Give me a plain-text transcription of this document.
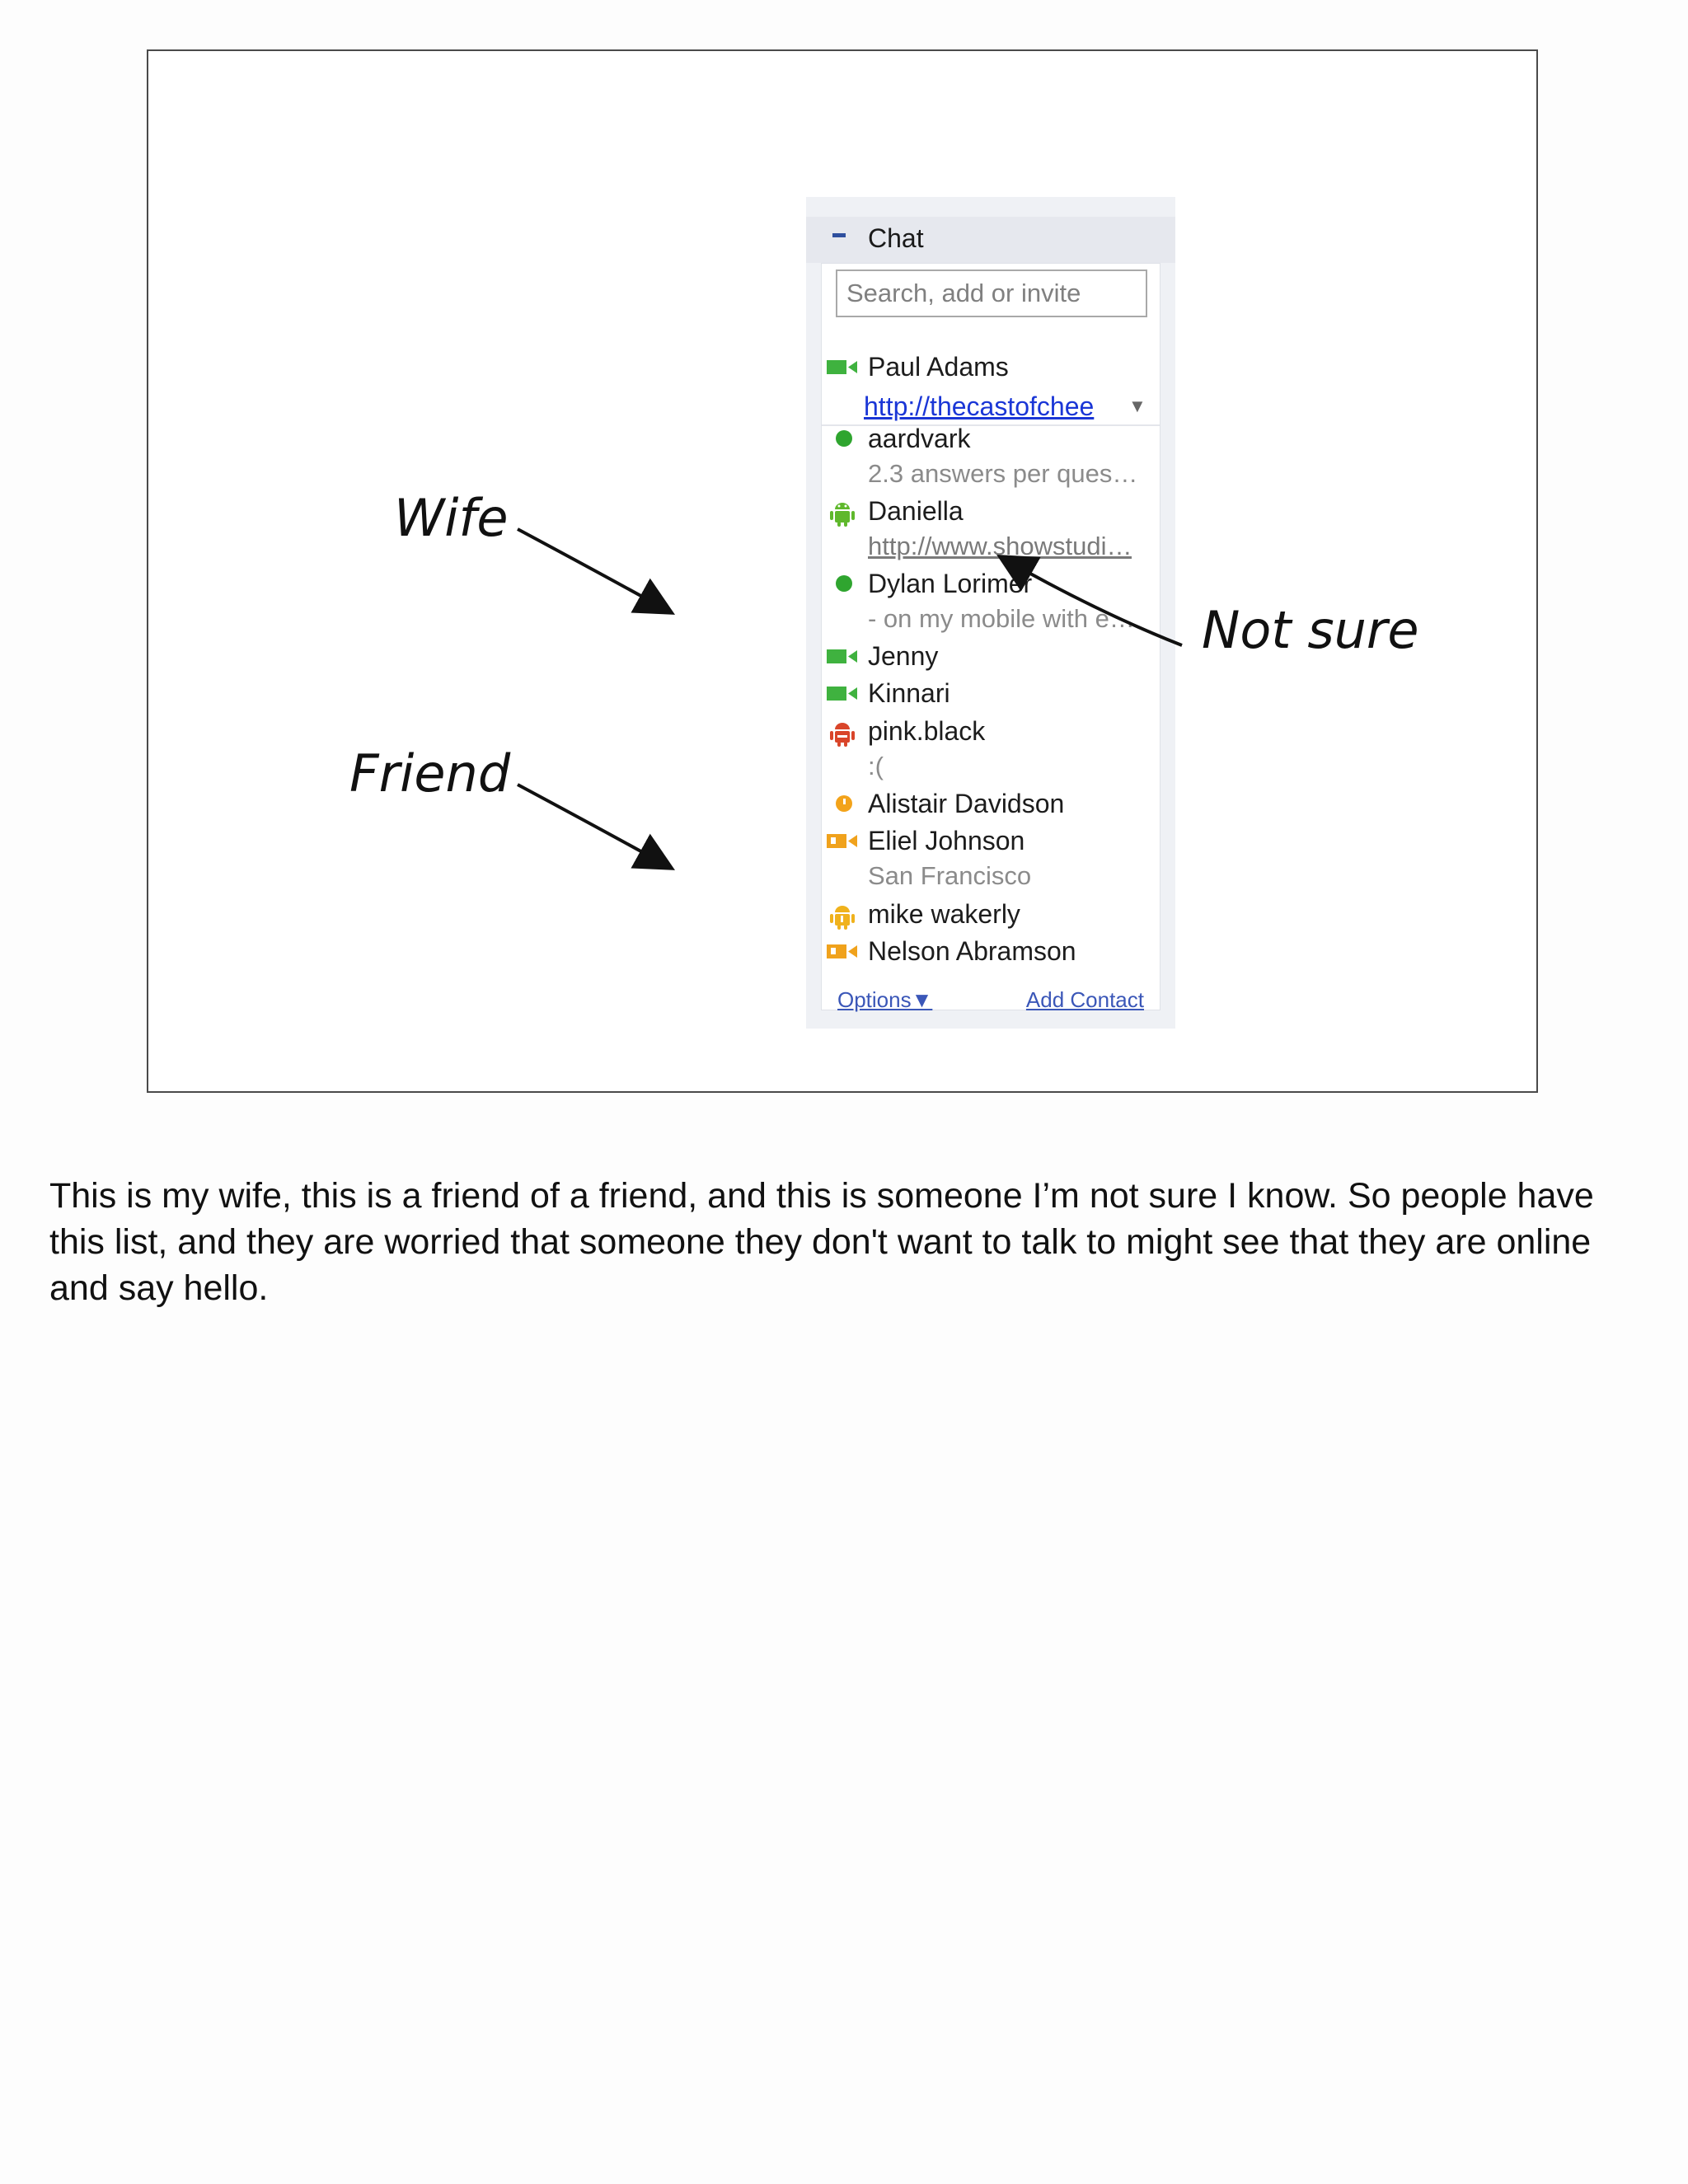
Chat
Search, add or invite
Paul Adams
http://thecastofchee ▼
aardvark
2.3 answers per ques…
Daniella
http://www.showstudi…
Dylan Lorimer
- on my mobile with e…
Jenny
Kinnari
pink.black
:(
Alistair Davidson
Eliel Johnson
San Francisco
mike wakerly
Nelson Abramson
Options▼	Add Contact
Wife
Friend
Not sure

This is my wife, this is a friend of a friend, and this is someone I’m not sure I know. So people have this list, and they are worried that someone they don't want to talk to might see that they are online and say hello.
